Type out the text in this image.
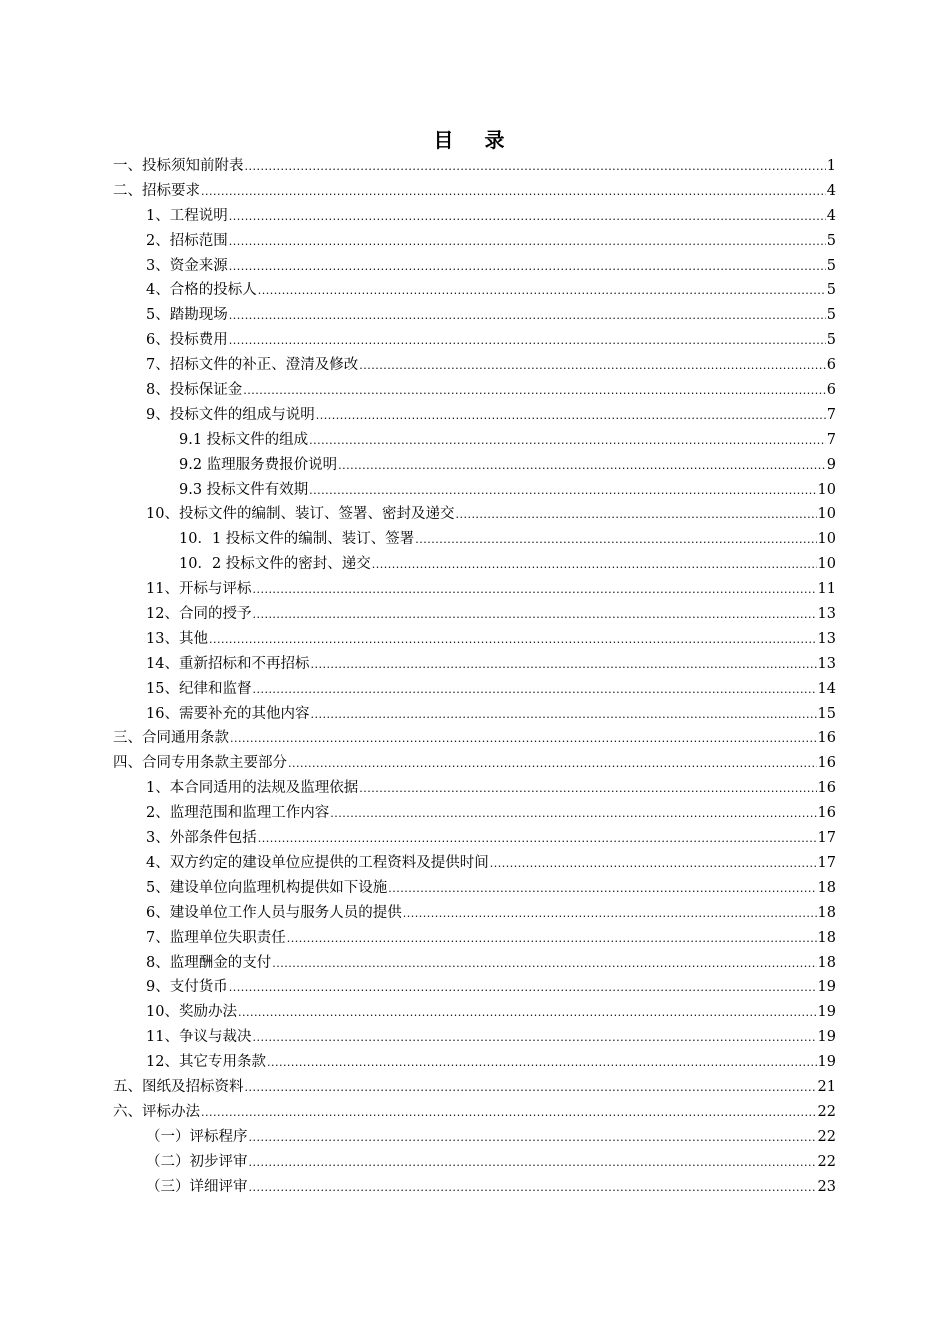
目 录
一、投标须知前附表 .....	1
二、招标要求 .....	4
1、工程说明 .....	4
2、招标范围 .....	5
3、资金来源 .....	5
4、合格的投标人 .....	5
5、踏勘现场 .....	5
6、投标费用 .....	5
7、招标文件的补正、澄清及修改 .....	6
8、投标保证金 .....	6
9、投标文件的组成与说明 .....	7
9.1 投标文件的组成 .....	7
9.2 监理服务费报价说明 .....	9
9.3 投标文件有效期 .....	10
10、投标文件的编制、装订、签署、密封及递交 .....	10
10．1 投标文件的编制、装订、签署 .....	10
10．2 投标文件的密封、递交 .....	10
11、开标与评标 .....	11
12、合同的授予 .....	13
13、其他 .....	13
14、重新招标和不再招标 .....	13
15、纪律和监督 .....	14
16、需要补充的其他内容 .....	15
三、合同通用条款 .....	16
四、合同专用条款主要部分 .....	16
1、本合同适用的法规及监理依据 .....	16
2、监理范围和监理工作内容 .....	16
3、外部条件包括 .....	17
4、双方约定的建设单位应提供的工程资料及提供时间 .....	17
5、建设单位向监理机构提供如下设施 .....	18
6、建设单位工作人员与服务人员的提供 .....	18
7、监理单位失职责任 .....	18
8、监理酬金的支付 .....	18
9、支付货币 .....	19
10、奖励办法 .....	19
11、争议与裁决 .....	19
12、其它专用条款 .....	19
五、图纸及招标资料 .....	21
六、评标办法 .....	22
（一）评标程序 .....	22
（二）初步评审 .....	22
（三）详细评审 .....	23
